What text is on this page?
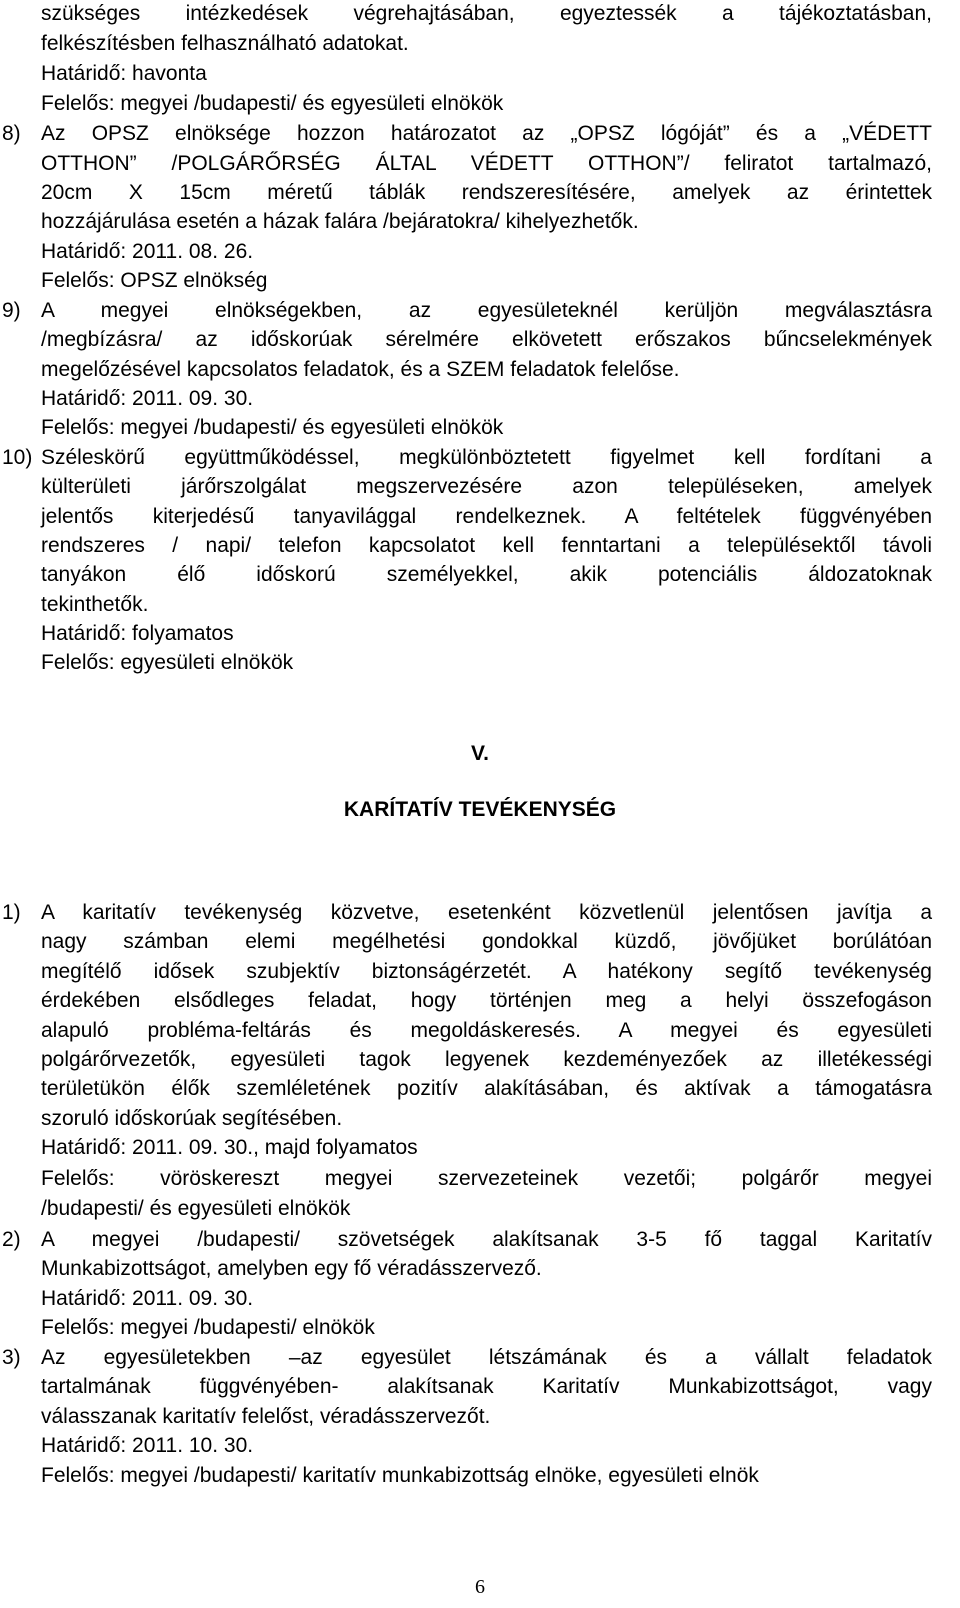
szükséges intézkedések végrehajtásában, egyeztessék a tájékoztatásban,
felkészítésben felhasználható adatokat.
Határidő: havonta
Felelős: megyei /budapesti/ és egyesületi elnökök
8) Az OPSZ elnöksége hozzon határozatot az „OPSZ lógóját” és a „VÉDETT
OTTHON” /POLGÁRŐRSÉG ÁLTAL VÉDETT OTTHON”/ feliratot tartalmazó,
20cm X 15cm méretű táblák rendszeresítésére, amelyek az érintettek
hozzájárulása esetén a házak falára /bejáratokra/ kihelyezhetők.
Határidő: 2011. 08. 26.
Felelős: OPSZ elnökség
9) A megyei elnökségekben, az egyesületeknél kerüljön megválasztásra
/megbízásra/ az időskorúak sérelmére elkövetett erőszakos bűncselekmények
megelőzésével kapcsolatos feladatok, és a SZEM feladatok felelőse.
Határidő: 2011. 09. 30.
Felelős: megyei /budapesti/ és egyesületi elnökök
10) Széleskörű együttműködéssel, megkülönböztetett figyelmet kell fordítani a
külterületi járőrszolgálat megszervezésére azon településeken, amelyek
jelentős kiterjedésű tanyavilággal rendelkeznek. A feltételek függvényében
rendszeres / napi/ telefon kapcsolatot kell fenntartani a településektől távoli
tanyákon élő időskorú személyekkel, akik potenciális áldozatoknak
tekinthetők.
Határidő: folyamatos
Felelős: egyesületi elnökök
V.
KARÍTATÍV TEVÉKENYSÉG
1) A karitatív tevékenység közvetve, esetenként közvetlenül jelentősen javítja a
nagy számban elemi megélhetési gondokkal küzdő, jövőjüket borúlátóan
megítélő idősek szubjektív biztonságérzetét. A hatékony segítő tevékenység
érdekében elsődleges feladat, hogy történjen meg a helyi összefogáson
alapuló probléma-feltárás és megoldáskeresés. A megyei és egyesületi
polgárőrvezetők, egyesületi tagok legyenek kezdeményezőek az illetékességi
területükön élők szemléletének pozitív alakításában, és aktívak a támogatásra
szoruló időskorúak segítésében.
Határidő: 2011. 09. 30., majd folyamatos
Felelős: vöröskereszt megyei szervezeteinek vezetői; polgárőr megyei
/budapesti/ és egyesületi elnökök
2) A megyei /budapesti/ szövetségek alakítsanak 3-5 fő taggal Karitatív
Munkabizottságot, amelyben egy fő véradásszervező.
Határidő: 2011. 09. 30.
Felelős: megyei /budapesti/ elnökök
3) Az egyesületekben –az egyesület létszámának és a vállalt feladatok
tartalmának függvényében- alakítsanak Karitatív Munkabizottságot, vagy
válasszanak karitatív felelőst, véradásszervezőt.
Határidő: 2011. 10. 30.
Felelős: megyei /budapesti/ karitatív munkabizottság elnöke, egyesületi elnök
6
